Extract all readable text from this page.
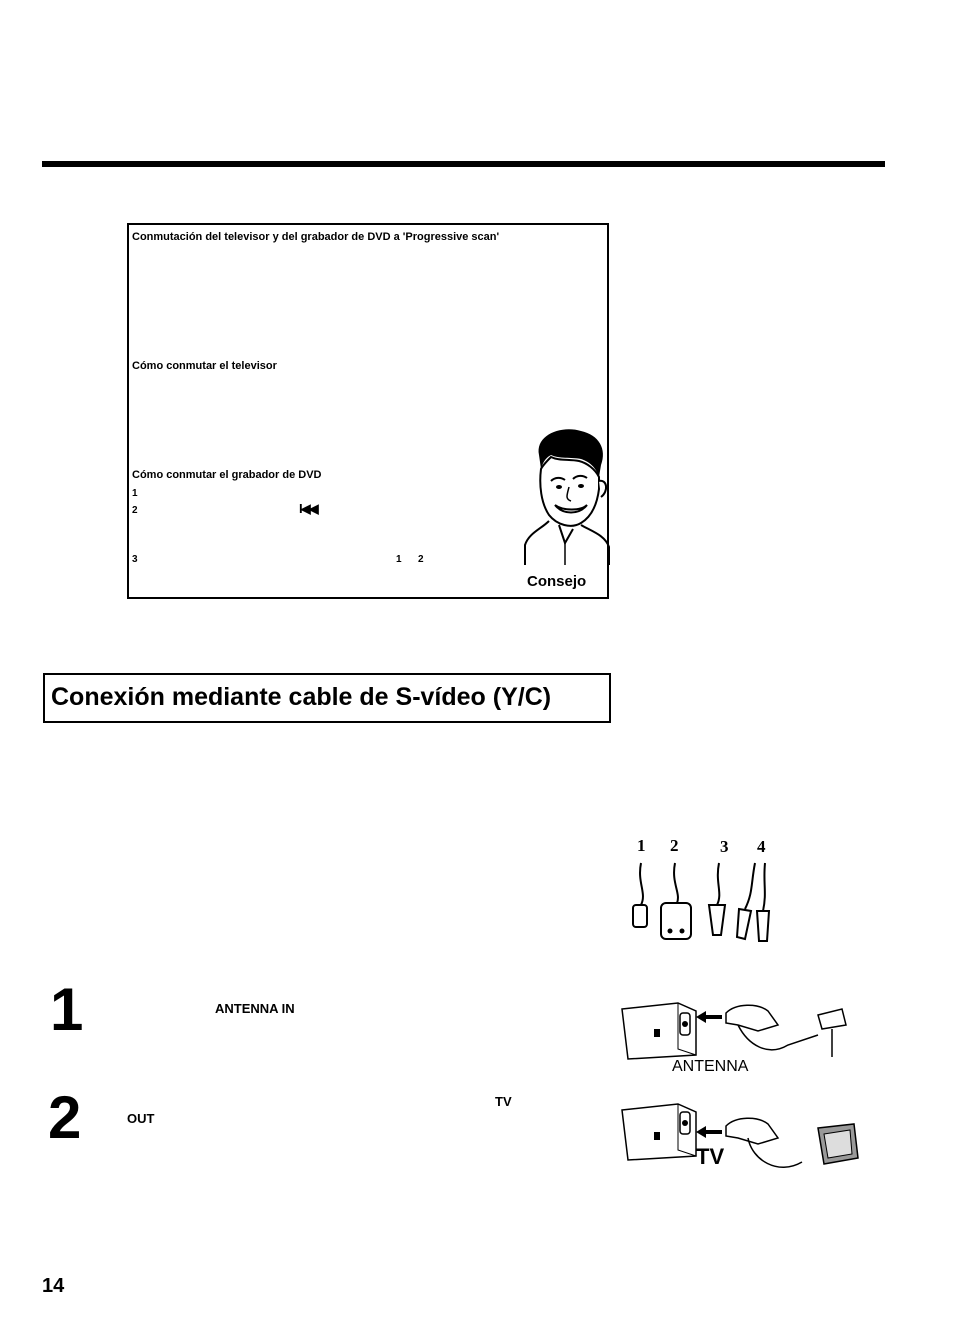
Conmutación del televisor y del grabador de DVD a 'Progressive scan'
Cómo conmutar el televisor
Cómo conmutar el grabador de DVD
1
2	I◀◀
3	1 2
Consejo
Conexión mediante cable de S-vídeo (Y/C)
1 2 3 4
1	ANTENNA IN
ANTENNA
2	TV
OUT
TV
14
